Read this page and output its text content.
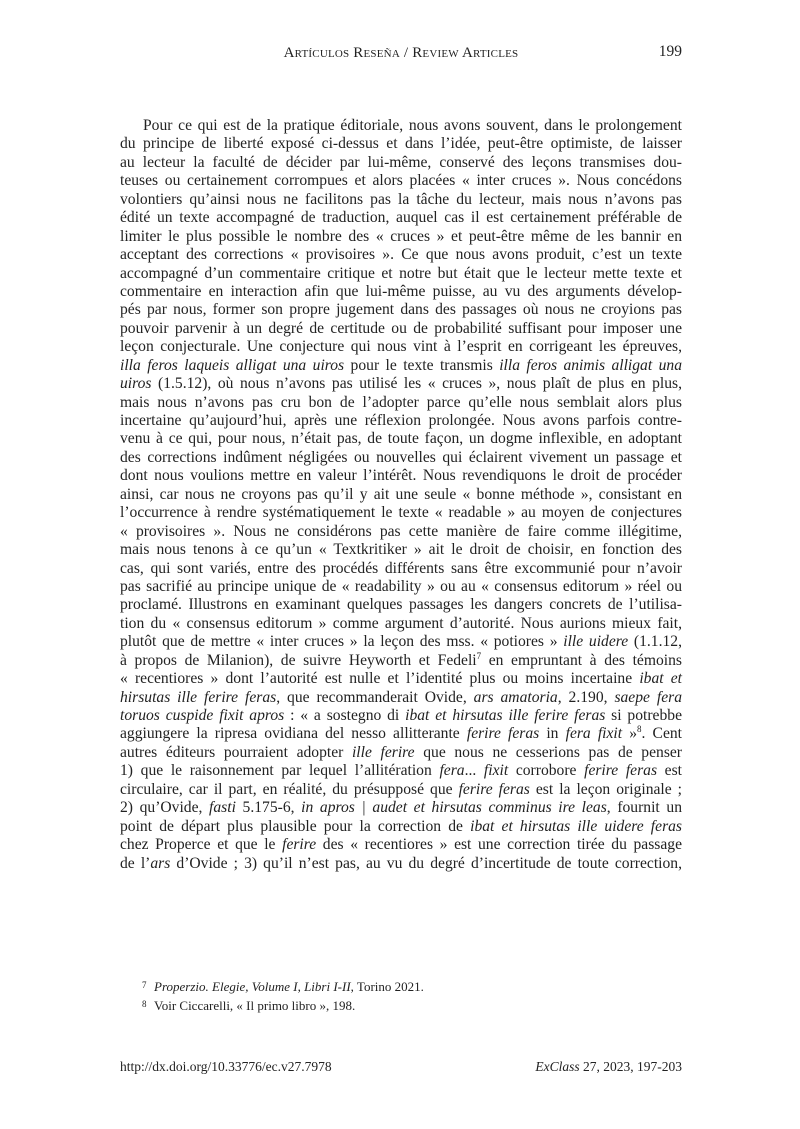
Artículos Reseña / Review Articles	199
Pour ce qui est de la pratique éditoriale, nous avons souvent, dans le prolongement
du principe de liberté exposé ci-dessus et dans l’idée, peut-être optimiste, de laisser
au lecteur la faculté de décider par lui-même, conservé des leçons transmises dou-
teuses ou certainement corrompues et alors placées « inter cruces ». Nous concédons
volontiers qu’ainsi nous ne facilitons pas la tâche du lecteur, mais nous n’avons pas
édité un texte accompagné de traduction, auquel cas il est certainement préférable de
limiter le plus possible le nombre des « cruces » et peut-être même de les bannir en
acceptant des corrections « provisoires ». Ce que nous avons produit, c’est un texte
accompagné d’un commentaire critique et notre but était que le lecteur mette texte et
commentaire en interaction afin que lui-même puisse, au vu des arguments dévelop-
pés par nous, former son propre jugement dans des passages où nous ne croyions pas
pouvoir parvenir à un degré de certitude ou de probabilité suffisant pour imposer une
leçon conjecturale. Une conjecture qui nous vint à l’esprit en corrigeant les épreuves,
illa feros laqueis alligat una uiros pour le texte transmis illa feros animis alligat una
uiros (1.5.12), où nous n’avons pas utilisé les « cruces », nous plaît de plus en plus,
mais nous n’avons pas cru bon de l’adopter parce qu’elle nous semblait alors plus
incertaine qu’aujourd’hui, après une réflexion prolongée. Nous avons parfois contre-
venu à ce qui, pour nous, n’était pas, de toute façon, un dogme inflexible, en adoptant
des corrections indûment négligées ou nouvelles qui éclairent vivement un passage et
dont nous voulions mettre en valeur l’intérêt. Nous revendiquons le droit de procéder
ainsi, car nous ne croyons pas qu’il y ait une seule « bonne méthode », consistant en
l’occurrence à rendre systématiquement le texte « readable » au moyen de conjectures
« provisoires ». Nous ne considérons pas cette manière de faire comme illégitime,
mais nous tenons à ce qu’un « Textkritiker » ait le droit de choisir, en fonction des
cas, qui sont variés, entre des procédés différents sans être excommunié pour n’avoir
pas sacrifié au principe unique de « readability » ou au « consensus editorum » réel ou
proclamé. Illustrons en examinant quelques passages les dangers concrets de l’utilisa-
tion du « consensus editorum » comme argument d’autorité. Nous aurions mieux fait,
plutôt que de mettre « inter cruces » la leçon des mss. « potiores » ille uidere (1.1.12,
à propos de Milanion), de suivre Heyworth et Fedeli$^7$ en empruntant à des témoins
« recentiores » dont l’autorité est nulle et l’identité plus ou moins incertaine ibat et
hirsutas ille ferire feras, que recommanderait Ovide, ars amatoria, 2.190, saepe fera
toruos cuspide fixit apros : « a sostegno di ibat et hirsutas ille ferire feras si potrebbe
aggiungere la ripresa ovidiana del nesso allitterante ferire feras in fera fixit »$^8$. Cent
autres éditeurs pourraient adopter ille ferire que nous ne cesserions pas de penser
1) que le raisonnement par lequel l’allitération fera... fixit corrobore ferire feras est
circulaire, car il part, en réalité, du présupposé que ferire feras est la leçon originale ;
2) qu’Ovide, fasti 5.175-6, in apros | audet et hirsutas comminus ire leas, fournit un
point de départ plus plausible pour la correction de ibat et hirsutas ille uidere feras
chez Properce et que le ferire des « recentiores » est une correction tirée du passage
de l’ars d’Ovide ; 3) qu’il n’est pas, au vu du degré d’incertitude de toute correction,
7 Properzio. Elegie, Volume I, Libri I-II, Torino 2021.
8 Voir Ciccarelli, « Il primo libro », 198.
http://dx.doi.org/10.33776/ec.v27.7978	ExClass 27, 2023, 197-203
